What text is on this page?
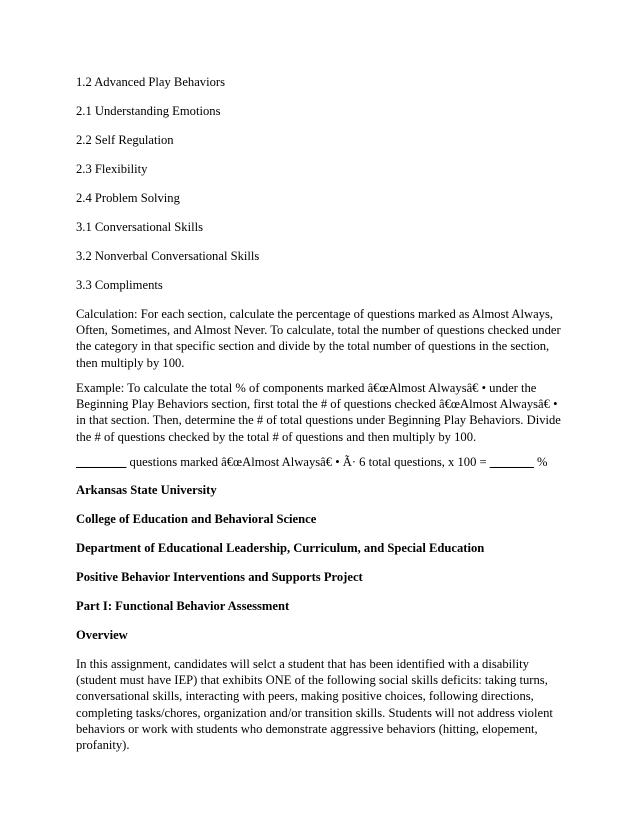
1.2 Advanced Play Behaviors
2.1 Understanding Emotions
2.2 Self Regulation
2.3 Flexibility
2.4 Problem Solving
3.1 Conversational Skills
3.2 Nonverbal Conversational Skills
3.3 Compliments
Calculation: For each section, calculate the percentage of questions marked as Almost Always,
Often, Sometimes, and Almost Never. To calculate, total the number of questions checked under
the category in that specific section and divide by the total number of questions in the section,
then multiply by 100.
Example: To calculate the total % of components marked â€œAlmost Alwaysâ€ • under the
Beginning Play Behaviors section, first total the # of questions checked â€œAlmost Alwaysâ€ •
in that section. Then, determine the # of total questions under Beginning Play Behaviors. Divide
the # of questions checked by the total # of questions and then multiply by 100.
________ questions marked â€œAlmost Alwaysâ€ • Ã· 6 total questions, x 100 = _______ %
Arkansas State University
College of Education and Behavioral Science
Department of Educational Leadership, Curriculum, and Special Education
Positive Behavior Interventions and Supports Project
Part I: Functional Behavior Assessment
Overview
In this assignment, candidates will selct a student that has been identified with a disability
(student must have IEP) that exhibits ONE of the following social skills deficits: taking turns,
conversational skills, interacting with peers, making positive choices, following directions,
completing tasks/chores, organization and/or transition skills. Students will not address violent
behaviors or work with students who demonstrate aggressive behaviors (hitting, elopement,
profanity).
